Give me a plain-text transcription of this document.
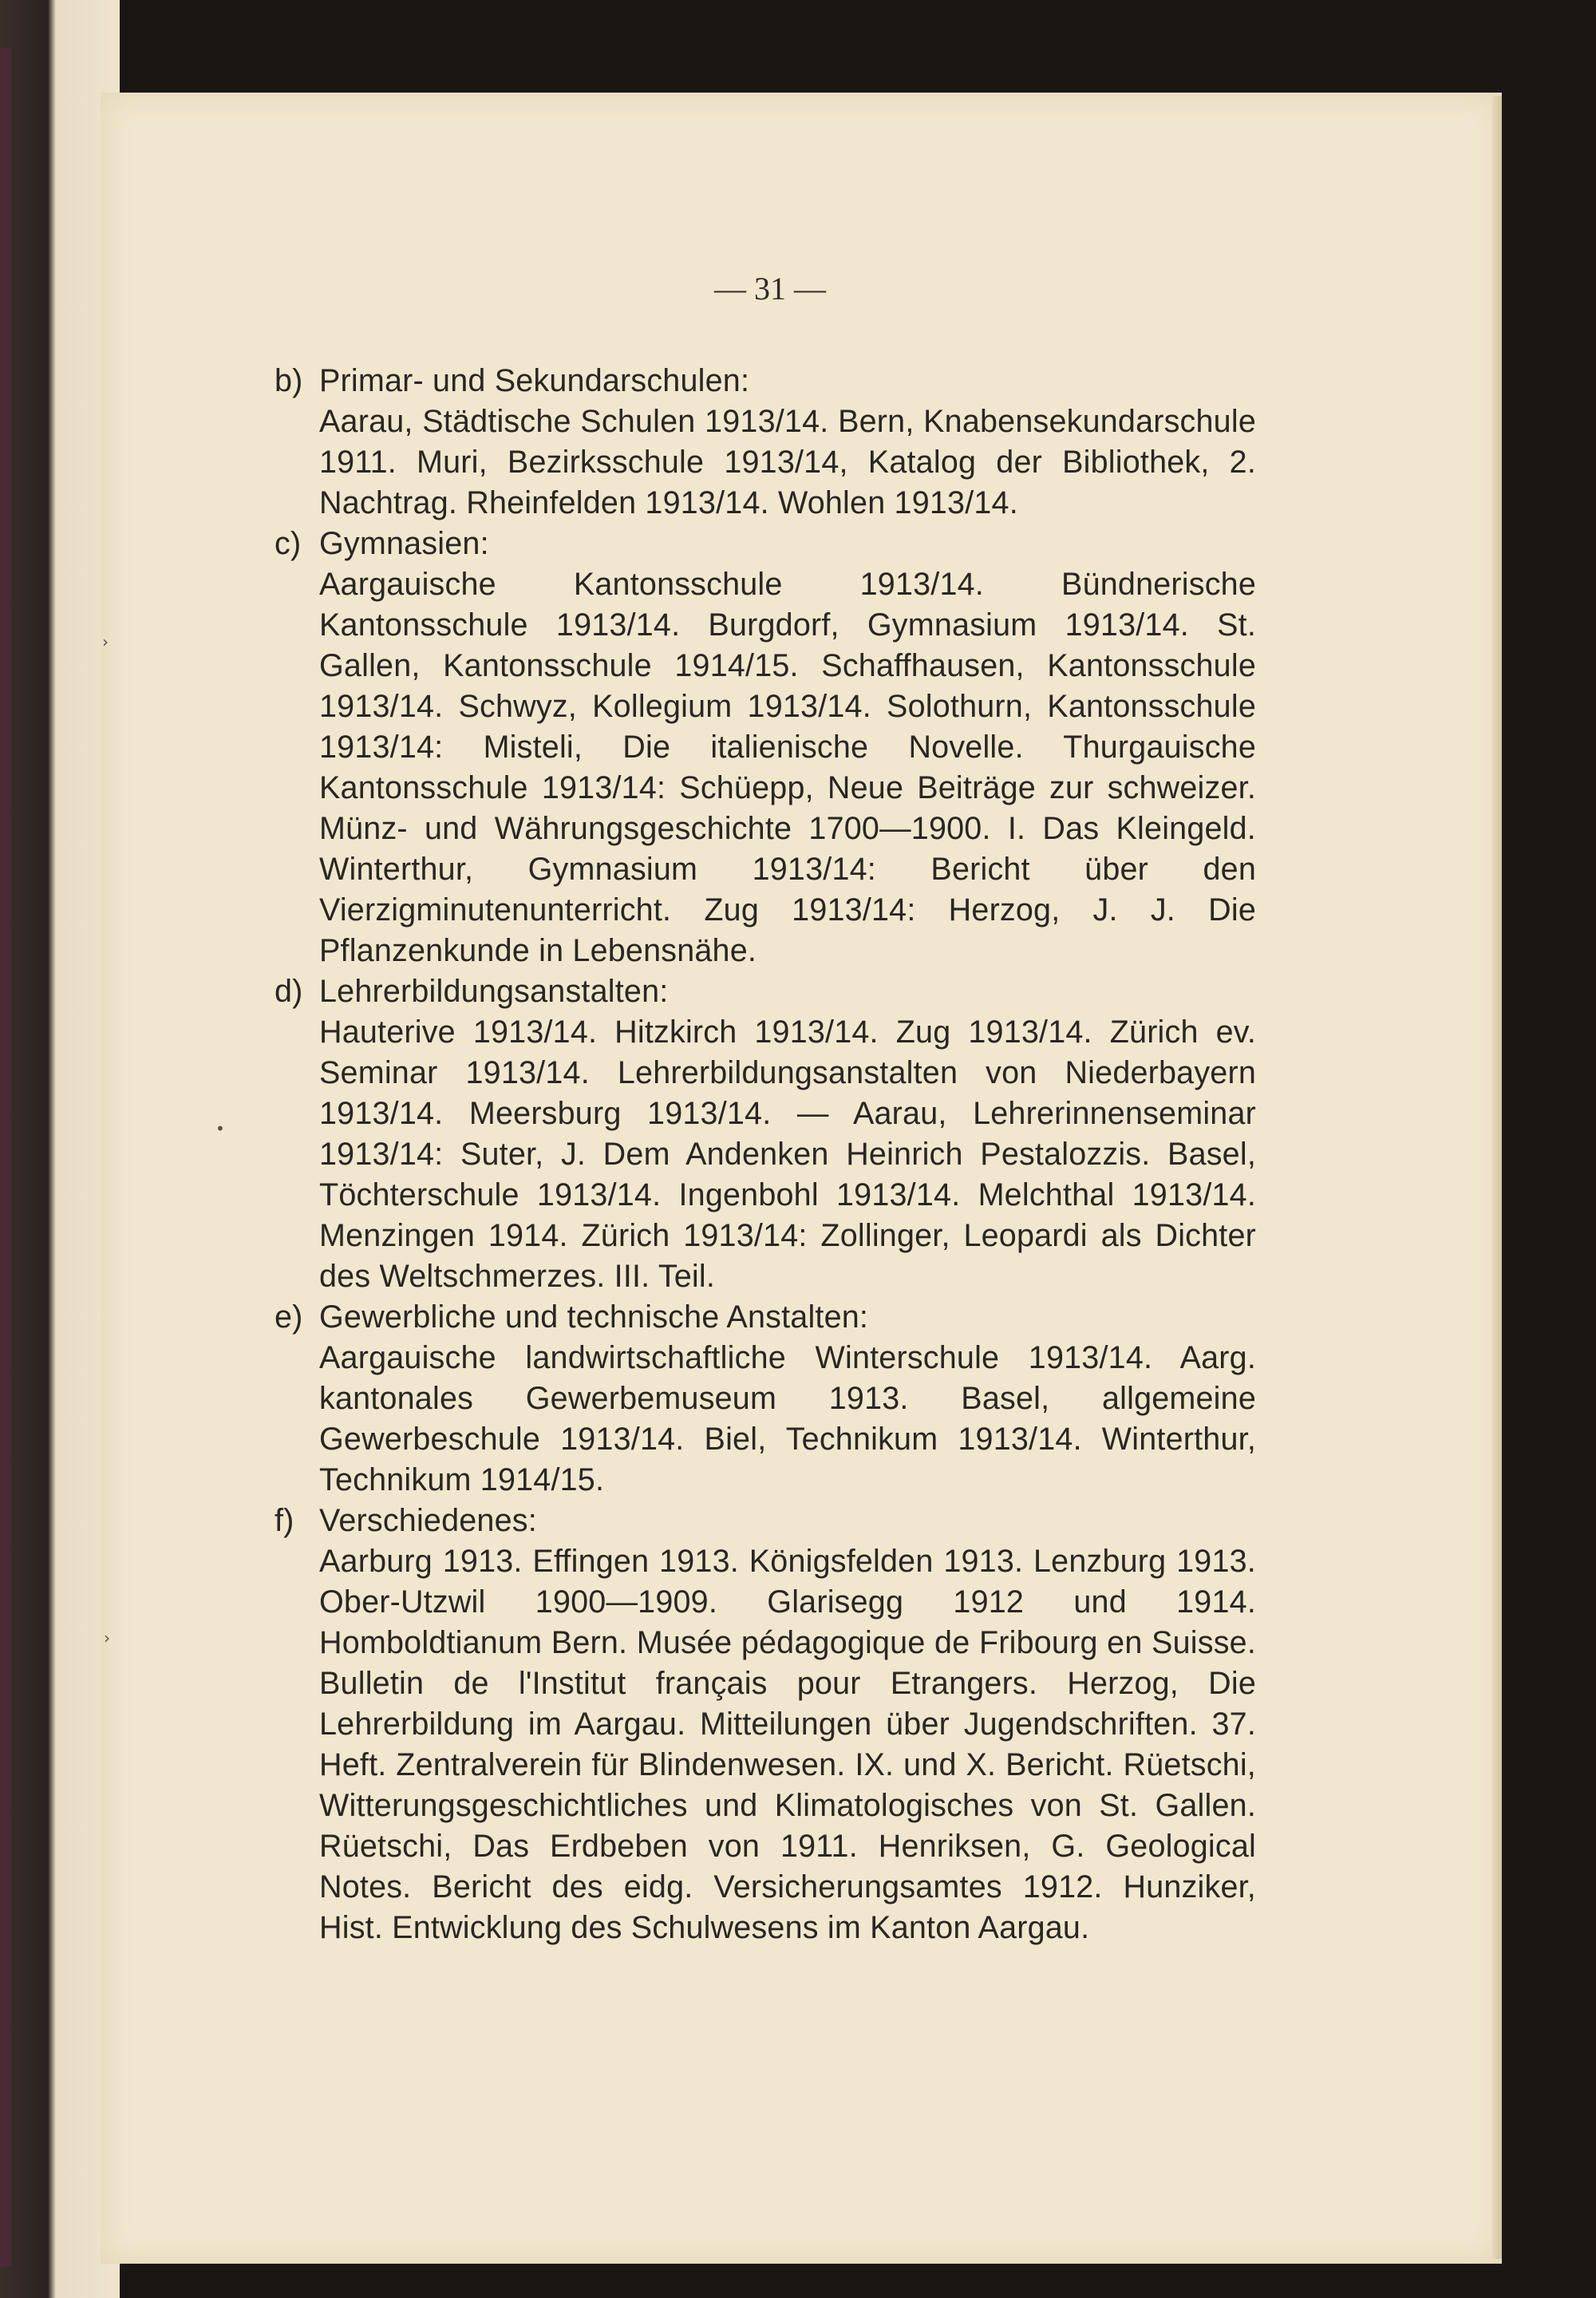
›
•
›
— 31 —
b) Primar- und Sekundarschulen:
Aarau, Städtische Schulen 1913/14. Bern, Knabensekundarschule 1911. Muri, Bezirksschule 1913/14, Katalog der Bibliothek, 2. Nachtrag. Rheinfelden 1913/14. Wohlen 1913/14.
c) Gymnasien:
Aargauische Kantonsschule 1913/14. Bündnerische Kantonsschule 1913/14. Burgdorf, Gymnasium 1913/14. St. Gallen, Kantonsschule 1914/15. Schaffhausen, Kantonsschule 1913/14. Schwyz, Kollegium 1913/14. Solothurn, Kantonsschule 1913/14: Misteli, Die italienische Novelle. Thurgauische Kantonsschule 1913/14: Schüepp, Neue Beiträge zur schweizer. Münz- und Währungsgeschichte 1700—1900. I. Das Kleingeld. Winterthur, Gymnasium 1913/14: Bericht über den Vierzigminutenunterricht. Zug 1913/14: Herzog, J. J. Die Pflanzenkunde in Lebensnähe.
d) Lehrerbildungsanstalten:
Hauterive 1913/14. Hitzkirch 1913/14. Zug 1913/14. Zürich ev. Seminar 1913/14. Lehrerbildungsanstalten von Niederbayern 1913/14. Meersburg 1913/14. — Aarau, Lehrerinnenseminar 1913/14: Suter, J. Dem Andenken Heinrich Pestalozzis. Basel, Töchterschule 1913/14. Ingenbohl 1913/14. Melchthal 1913/14. Menzingen 1914. Zürich 1913/14: Zollinger, Leopardi als Dichter des Weltschmerzes. III. Teil.
e) Gewerbliche und technische Anstalten:
Aargauische landwirtschaftliche Winterschule 1913/14. Aarg. kantonales Gewerbemuseum 1913. Basel, allgemeine Gewerbeschule 1913/14. Biel, Technikum 1913/14. Winterthur, Technikum 1914/15.
f) Verschiedenes:
Aarburg 1913. Effingen 1913. Königsfelden 1913. Lenzburg 1913. Ober-Utzwil 1900—1909. Glarisegg 1912 und 1914. Homboldtianum Bern. Musée pédagogique de Fribourg en Suisse. Bulletin de l'Institut français pour Etrangers. Herzog, Die Lehrerbildung im Aargau. Mitteilungen über Jugendschriften. 37. Heft. Zentralverein für Blindenwesen. IX. und X. Bericht. Rüetschi, Witterungsgeschichtliches und Klimatologisches von St. Gallen. Rüetschi, Das Erdbeben von 1911. Henriksen, G. Geological Notes. Bericht des eidg. Versicherungsamtes 1912. Hunziker, Hist. Entwicklung des Schulwesens im Kanton Aargau.
